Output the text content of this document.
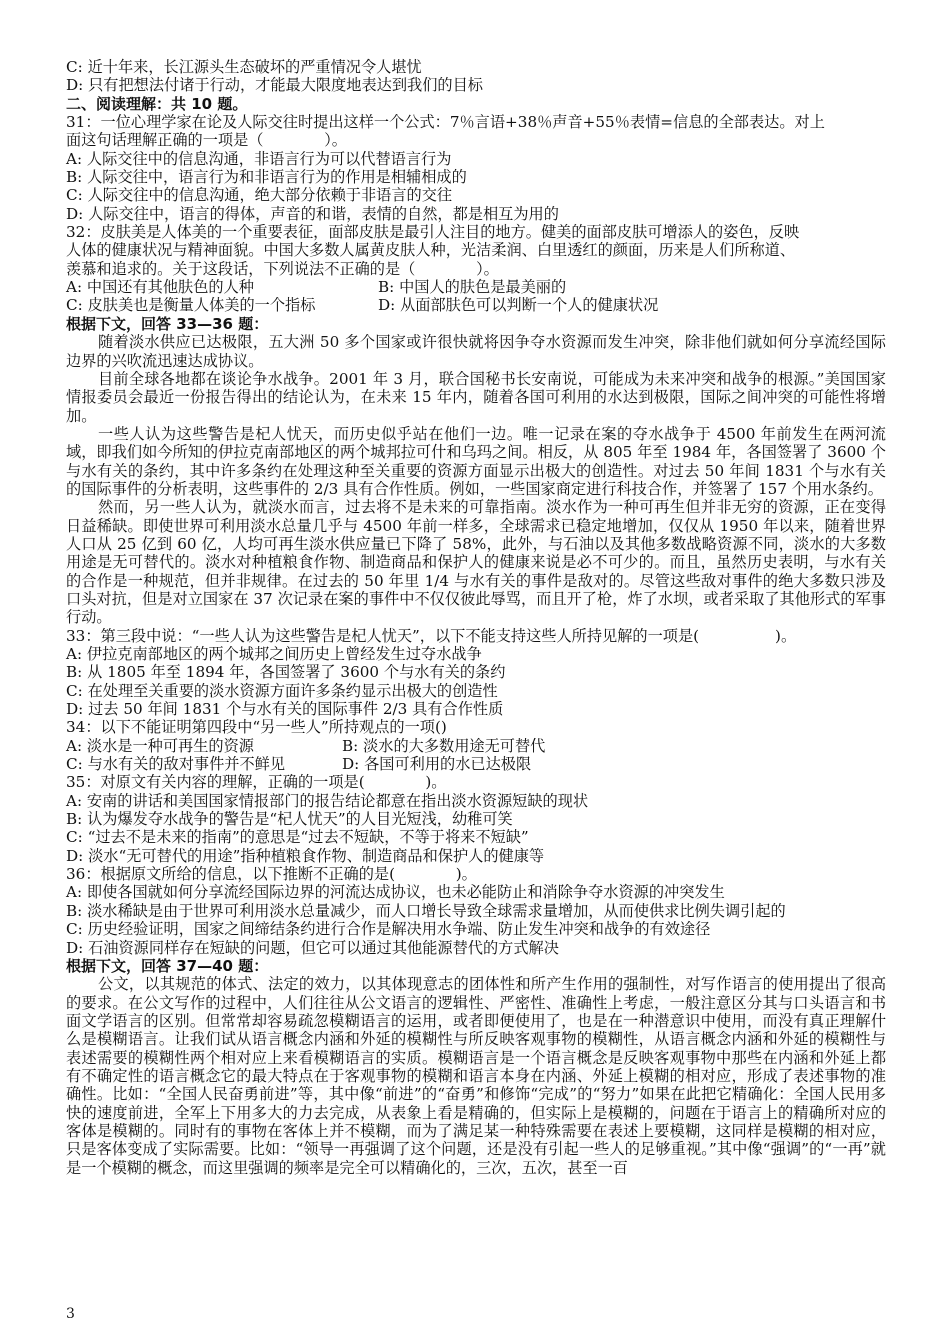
C: 近十年来，长江源头生态破坏的严重情况令人堪忧
D: 只有把想法付诸于行动，才能最大限度地表达到我们的目标
二、阅读理解：共 10 题。
31：一位心理学家在论及人际交往时提出这样一个公式：7％言语+38％声音+55％表情=信息的全部表达。对上
面这句话理解正确的一项是（　　　　）。
A: 人际交往中的信息沟通，非语言行为可以代替语言行为
B: 人际交往中，语言行为和非语言行为的作用是相辅相成的
C: 人际交往中的信息沟通，绝大部分依赖于非语言的交往
D: 人际交往中，语言的得体，声音的和谐，表情的自然，都是相互为用的
32：皮肤美是人体美的一个重要表征，面部皮肤是最引人注目的地方。健美的面部皮肤可增添人的姿色，反映
人体的健康状况与精神面貌。中国大多数人属黄皮肤人种，光洁柔润、白里透红的颜面，历来是人们所称道、
羡慕和追求的。关于这段话，下列说法不正确的是（　　　　）。
A: 中国还有其他肤色的人种	B: 中国人的肤色是最美丽的
C: 皮肤美也是衡量人体美的一个指标	D: 从面部肤色可以判断一个人的健康状况
根据下文，回答 33—36 题：
随着淡水供应已达极限，五大洲 50 多个国家或许很快就将因争夺水资源而发生冲突，除非他们就如何分享流经国际边界的兴吹流迅速达成协议。
目前全球各地都在谈论争水战争。2001 年 3 月，联合国秘书长安南说，可能成为未来冲突和战争的根源。”美国国家情报委员会最近一份报告得出的结论认为，在未来 15 年内，随着各国可利用的水达到极限，国际之间冲突的可能性将增加。
一些人认为这些警告是杞人忧天，而历史似乎站在他们一边。唯一记录在案的夺水战争于 4500 年前发生在两河流域，即我们如今所知的伊拉克南部地区的两个城邦拉可什和乌玛之间。相反，从 805 年至 1984 年，各国签署了 3600 个与水有关的条约，其中许多条约在处理这种至关重要的资源方面显示出极大的创造性。对过去 50 年间 1831 个与水有关的国际事件的分析表明，这些事件的 2/3 具有合作性质。例如，一些国家商定进行科技合作，并签署了 157 个用水条约。
然而，另一些人认为，就淡水而言，过去将不是未来的可靠指南。淡水作为一种可再生但并非无穷的资源，正在变得日益稀缺。即使世界可利用淡水总量几乎与 4500 年前一样多，全球需求已稳定地增加，仅仅从 1950 年以来，随着世界人口从 25 亿到 60 亿，人均可再生淡水供应量已下降了 58%，此外，与石油以及其他多数战略资源不同，淡水的大多数用途是无可替代的。淡水对种植粮食作物、制造商品和保护人的健康来说是必不可少的。而且，虽然历史表明，与水有关的合作是一种规范，但并非规律。在过去的 50 年里 1/4 与水有关的事件是敌对的。尽管这些敌对事件的绝大多数只涉及口头对抗，但是对立国家在 37 次记录在案的事件中不仅仅彼此辱骂，而且开了枪，炸了水坝，或者采取了其他形式的军事行动。
33：第三段中说：“一些人认为这些警告是杞人忧天”，以下不能支持这些人所持见解的一项是(　　　　　)。
A: 伊拉克南部地区的两个城邦之间历史上曾经发生过夺水战争
B: 从 1805 年至 1894 年，各国签署了 3600 个与水有关的条约
C: 在处理至关重要的淡水资源方面许多条约显示出极大的创造性
D: 过去 50 年间 1831 个与水有关的国际事件 2/3 具有合作性质
34：以下不能证明第四段中“另一些人”所持观点的一项()
A: 淡水是一种可再生的资源	B: 淡水的大多数用途无可替代
C: 与水有关的敌对事件并不鲜见	D: 各国可利用的水已达极限
35：对原文有关内容的理解，正确的一项是(　　　　)。
A: 安南的讲话和美国国家情报部门的报告结论都意在指出淡水资源短缺的现状
B: 认为爆发夺水战争的警告是“杞人忧天”的人目光短浅，幼稚可笑
C: “过去不是未来的指南”的意思是“过去不短缺，不等于将来不短缺”
D: 淡水“无可替代的用途”指种植粮食作物、制造商品和保护人的健康等
36：根据原文所给的信息，以下推断不正确的是(　　　　)。
A: 即使各国就如何分享流经国际边界的河流达成协议，也未必能防止和消除争夺水资源的冲突发生
B: 淡水稀缺是由于世界可利用淡水总量减少，而人口增长导致全球需求量增加，从而使供求比例失调引起的
C: 历史经验证明，国家之间缔结条约进行合作是解决用水争端、防止发生冲突和战争的有效途径
D: 石油资源同样存在短缺的问题，但它可以通过其他能源替代的方式解决
根据下文，回答 37—40 题：
公文，以其规范的体式、法定的效力，以其体现意志的团体性和所产生作用的强制性，对写作语言的使用提出了很高的要求。在公文写作的过程中，人们往往从公文语言的逻辑性、严密性、准确性上考虑，一般注意区分其与口头语言和书面文学语言的区别。但常常却容易疏忽模糊语言的运用，或者即便使用了，也是在一种潜意识中使用，而没有真正理解什么是模糊语言。让我们试从语言概念内涵和外延的模糊性与所反映客观事物的模糊性，从语言概念内涵和外延的模糊性与表述需要的模糊性两个相对应上来看模糊语言的实质。模糊语言是一个语言概念是反映客观事物中那些在内涵和外延上都有不确定性的语言概念它的最大特点在于客观事物的模糊和语言本身在内涵、外延上模糊的相对应，形成了表述事物的准确性。比如：“全国人民奋勇前进”等，其中像“前进”的“奋勇”和修饰“完成”的“努力”如果在此把它精确化：全国人民用多快的速度前进，全军上下用多大的力去完成，从表象上看是精确的，但实际上是模糊的，问题在于语言上的精确所对应的客体是模糊的。同时有的事物在客体上并不模糊，而为了满足某一种特殊需要在表述上要模糊，这同样是模糊的相对应，只是客体变成了实际需要。比如：“领导一再强调了这个问题，还是没有引起一些人的足够重视。”其中像“强调”的“一再”就是一个模糊的概念，而这里强调的频率是完全可以精确化的，三次，五次，甚至一百
3
